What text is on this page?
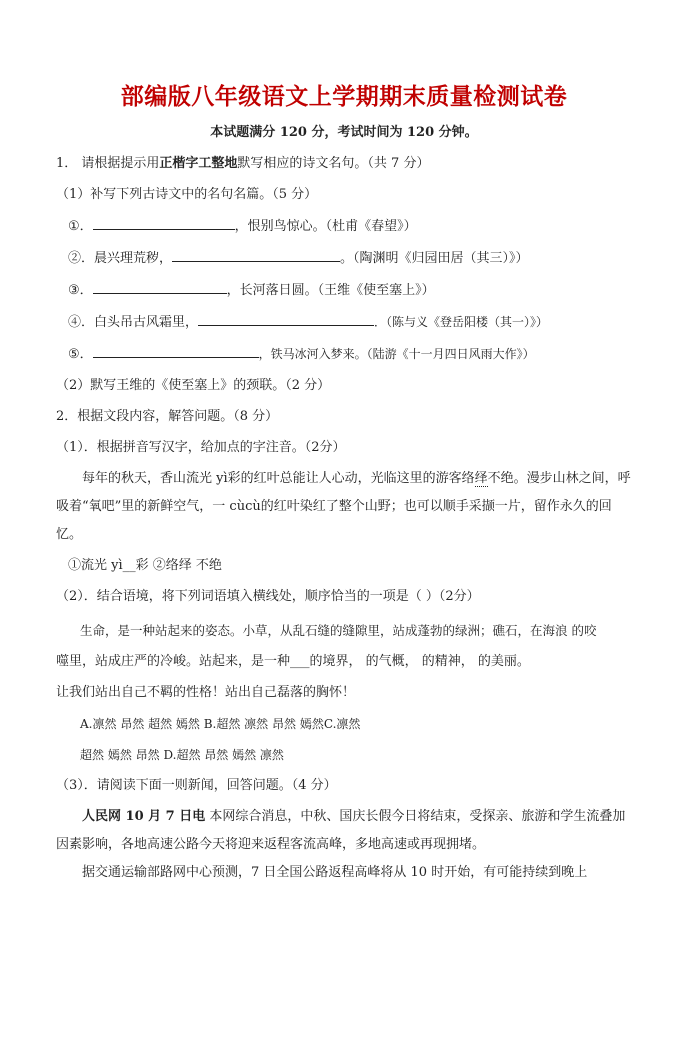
部编版八年级语文上学期期末质量检测试卷
本试题满分 120 分，考试时间为 120 分钟。
1． 请根据提示用正楷字工整地默写相应的诗文名句。（共 7 分）
（1）补写下列古诗文中的名句名篇。（5 分）
①．	，恨别鸟惊心。（杜甫《春望》）
②．晨兴理荒秽，	。（陶渊明《归园田居（其三）》）
③．	，长河落日圆。（王维《使至塞上》）
④．白头吊古风霜里，	．（陈与义《登岳阳楼（其一）》）
⑤．	，铁马冰河入梦来。（陆游《十一月四日风雨大作》）
（2）默写王维的《使至塞上》的颈联。（2 分）
2．根据文段内容，解答问题。（8 分）
（1）．根据拼音写汉字，给加点的字注音。（2分）
每年的秋天，香山流光 yì彩的红叶总能让人心动，光临这里的游客络绎不绝。漫步山林之间，呼吸着“氧吧”里的新鲜空气，一 cùcù的红叶染红了整个山野；也可以顺手采撷一片，留作永久的回忆。
①流光 yì__彩 ②络绎 不绝
（2）．结合语境，将下列词语填入横线处，顺序恰当的一项是（ ）（2分）
生命，是一种站起来的姿态。小草，从乱石缝的缝隙里，站成蓬勃的绿洲；礁石，在海浪 的咬
噬里，站成庄严的冷峻。站起来，是一种___的境界， 的气概， 的精神， 的美丽。
让我们站出自己不羁的性格！站出自己磊落的胸怀！
A.凛然 昂然 超然 嫣然 B.超然 凛然 昂然 嫣然C.凛然
超然 嫣然 昂然 D.超然 昂然 嫣然 凛然
（3）．请阅读下面一则新闻，回答问题。（4 分）
人民网 10 月 7 日电 本网综合消息，中秋、国庆长假今日将结束，受探亲、旅游和学生流叠加因素影响，各地高速公路今天将迎来返程客流高峰，多地高速或再现拥堵。
据交通运输部路网中心预测，7 日全国公路返程高峰将从 10 时开始，有可能持续到晚上
